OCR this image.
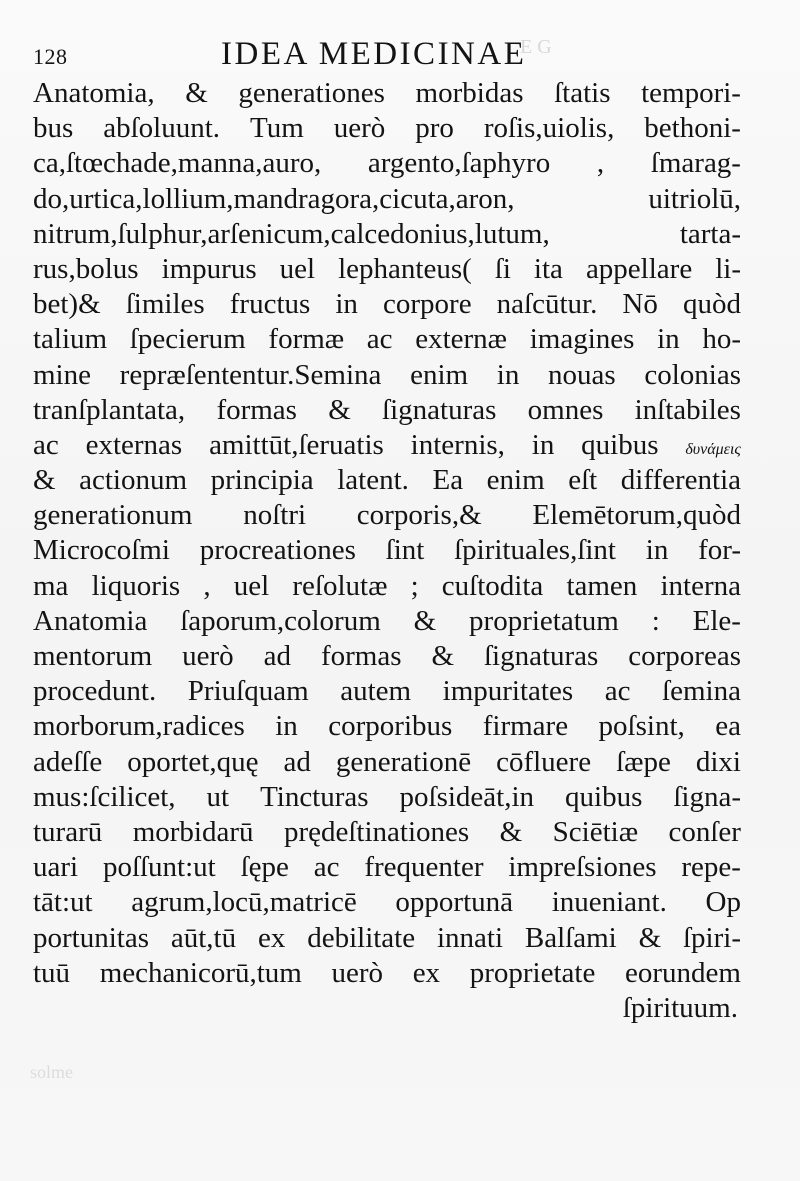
E G
solme
128	IDEA MEDICINAE
Anatomia, & generationes morbidas ſtatis tempori-
bus abſoluunt. Tum uerò pro roſis,uiolis, bethoni-
ca,ſtœchade,manna,auro, argento,ſaphyro , ſmarag-
do,urtica,lollium,mandragora,cicuta,aron,	uitriolū,
nitrum,ſulphur,arſenicum,calcedonius,lutum,	tarta-
rus,bolus impurus uel lephanteus( ſi ita appellare li-
bet)& ſimiles fructus in corpore naſcūtur. Nō quòd
talium ſpecierum formæ ac externæ imagines in ho-
mine repræſententur.Semina enim in nouas colonias
tranſplantata, formas & ſignaturas omnes inſtabiles
ac externas amittūt,ſeruatis internis, in quibus δυνάμεις
& actionum principia latent. Ea enim eſt differentia
generationum noſtri corporis,& Elemētorum,quòd
Microcoſmi procreationes ſint ſpirituales,ſint in for-
ma liquoris , uel reſolutæ ; cuſtodita tamen interna
Anatomia ſaporum,colorum & proprietatum : Ele-
mentorum uerò ad formas & ſignaturas corporeas
procedunt. Priuſquam autem impuritates ac ſemina
morborum,radices in corporibus firmare poſsint, ea
adeſſe oportet,quę ad generationē cōfluere ſæpe dixi
mus:ſcilicet, ut Tincturas poſsideāt,in quibus ſigna-
turarū morbidarū prędeſtinationes & Sciētiæ conſer
uari poſſunt:ut ſępe ac frequenter impreſsiones repe-
tāt:ut agrum,locū,matricē opportunā inueniant. Op
portunitas aūt,tū ex debilitate innati Balſami & ſpiri-
tuū mechanicorū,tum uerò ex proprietate eorundem
ſpirituum.
